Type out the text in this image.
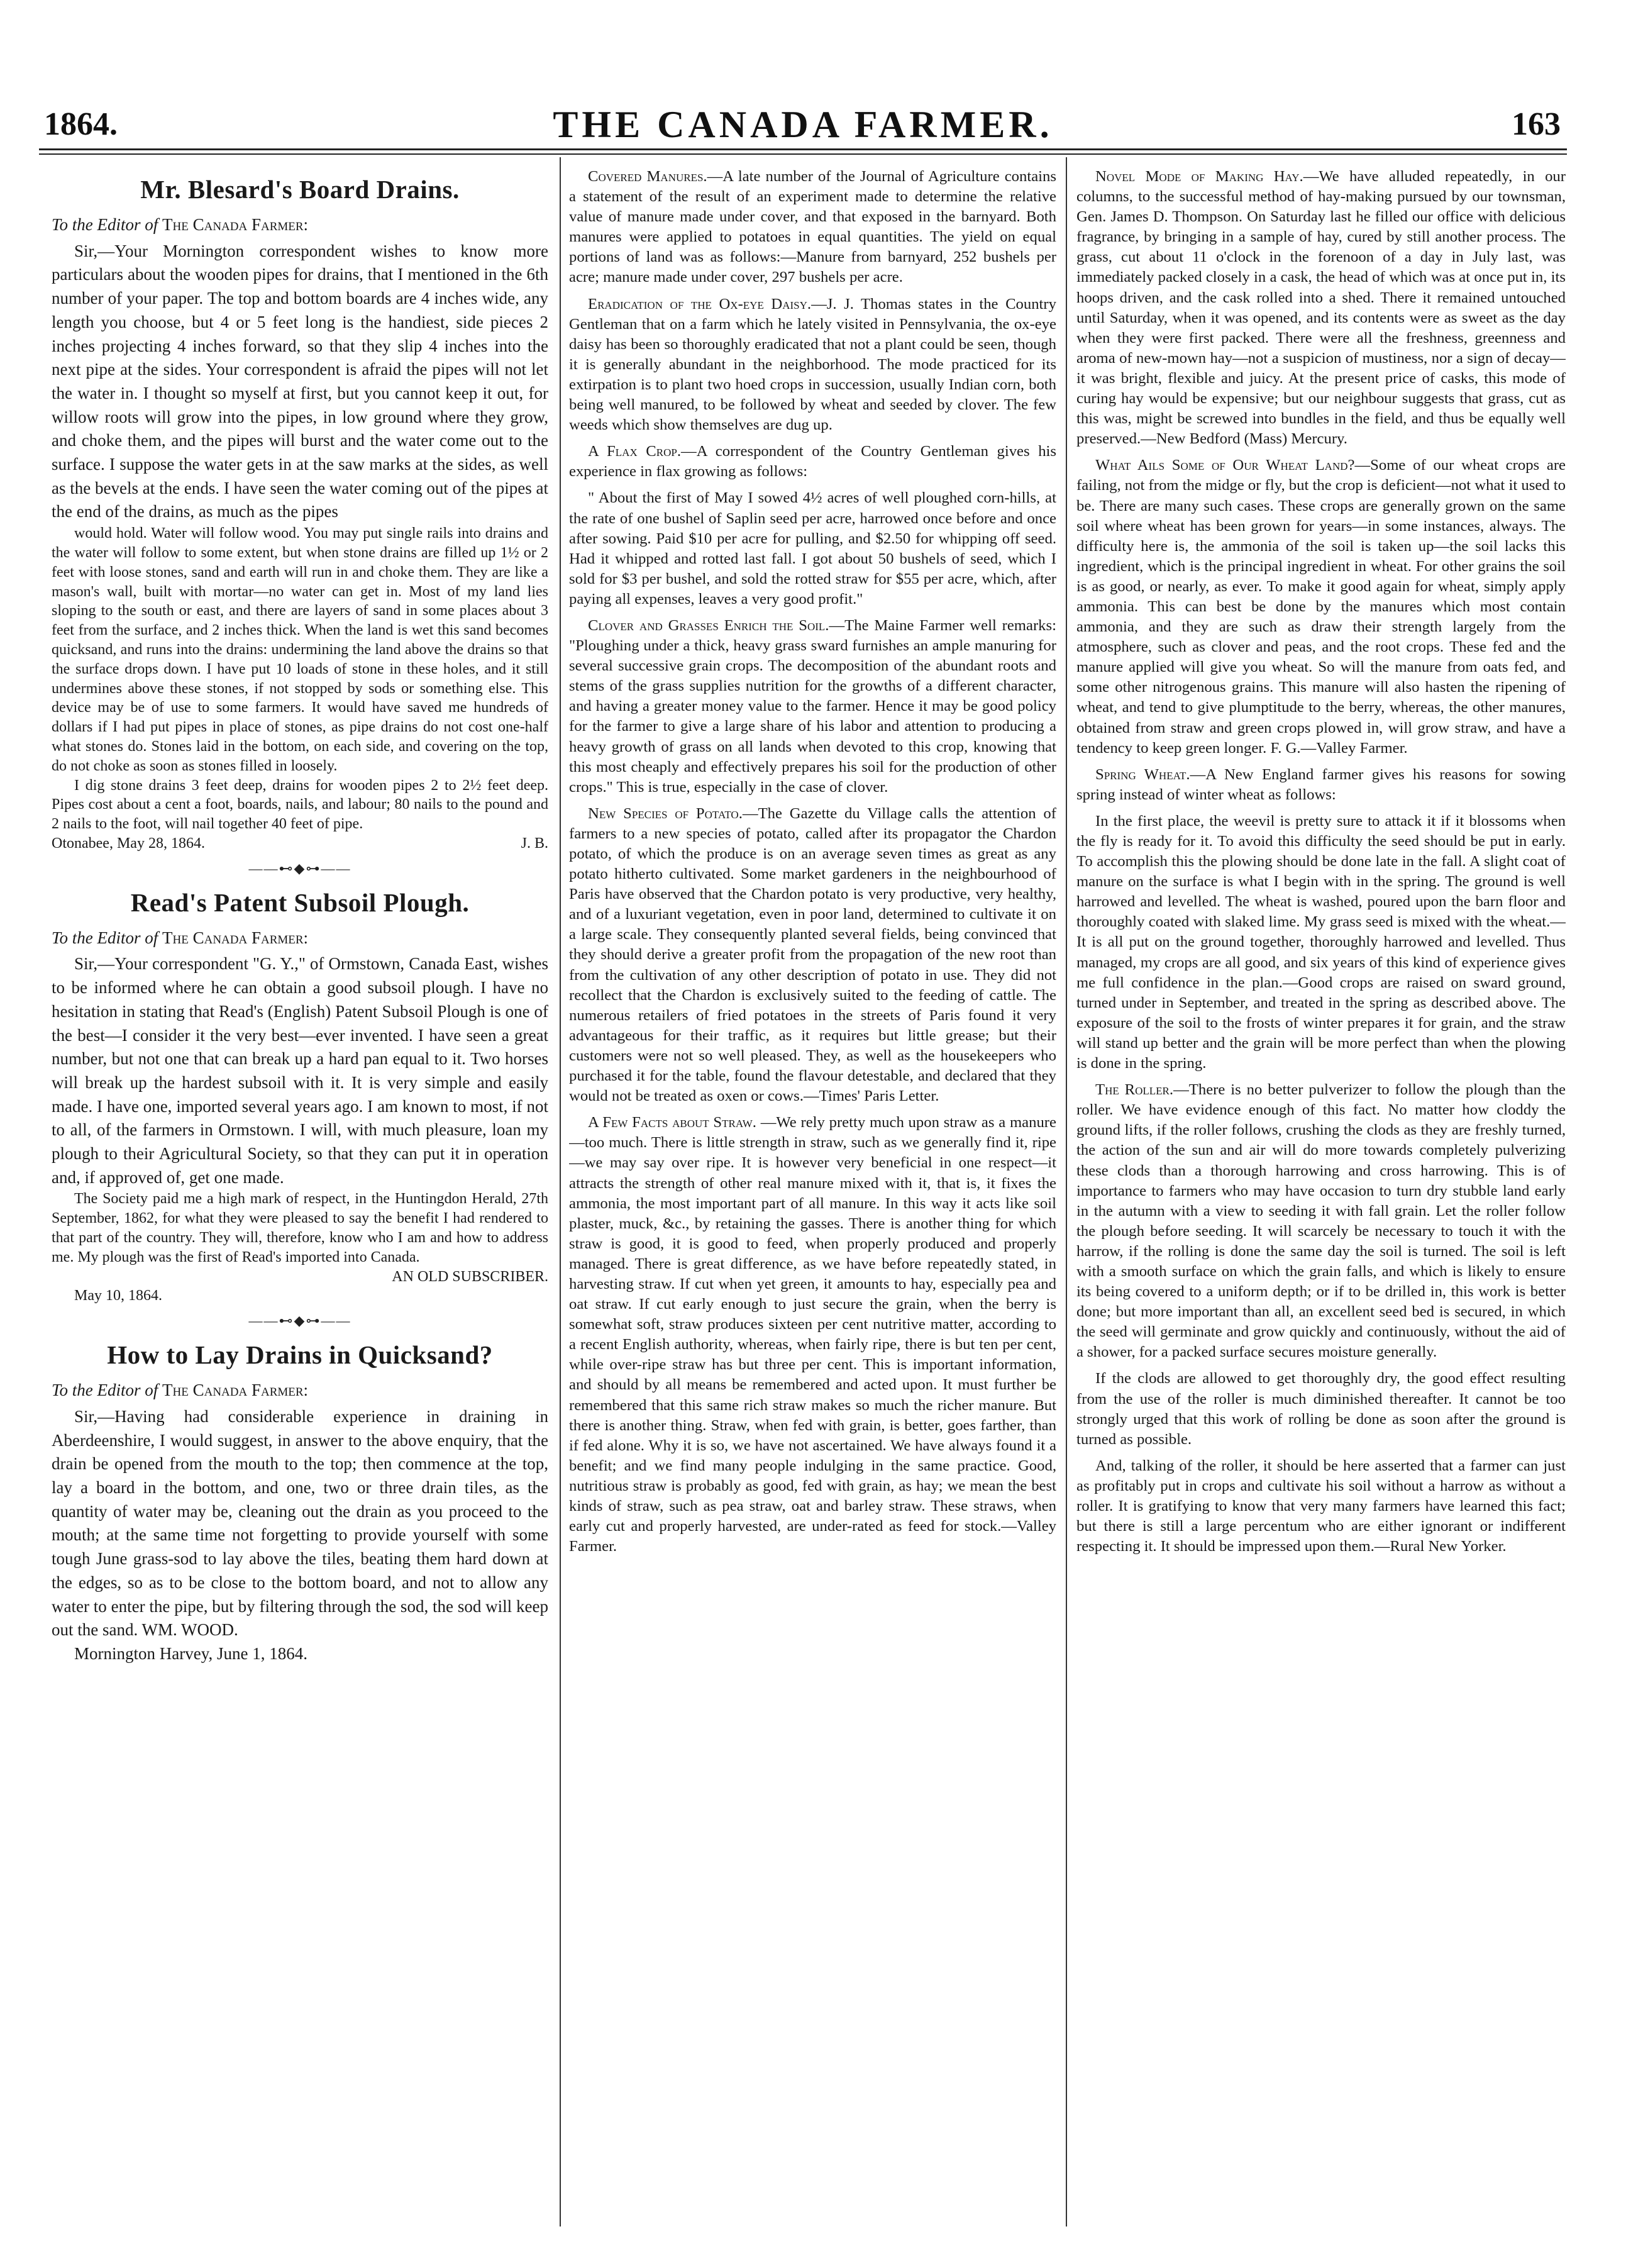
1864.	THE CANADA FARMER.	163
Mr. Blesard's Board Drains.
To the Editor of The Canada Farmer:
Sir,—Your Mornington correspondent wishes to know more particulars about the wooden pipes for drains, that I mentioned in the 6th number of your paper. The top and bottom boards are 4 inches wide, any length you choose, but 4 or 5 feet long is the handiest, side pieces 2 inches projecting 4 inches forward, so that they slip 4 inches into the next pipe at the sides. Your correspondent is afraid the pipes will not let the water in. I thought so myself at first, but you cannot keep it out, for willow roots will grow into the pipes, in low ground where they grow, and choke them, and the pipes will burst and the water come out to the surface. I suppose the water gets in at the saw marks at the sides, as well as the bevels at the ends. I have seen the water coming out of the pipes at the end of the drains, as much as the pipes
would hold. Water will follow wood. You may put single rails into drains and the water will follow to some extent, but when stone drains are filled up 1½ or 2 feet with loose stones, sand and earth will run in and choke them. They are like a mason's wall, built with mortar—no water can get in. Most of my land lies sloping to the south or east, and there are layers of sand in some places about 3 feet from the surface, and 2 inches thick. When the land is wet this sand becomes quicksand, and runs into the drains: undermining the land above the drains so that the surface drops down. I have put 10 loads of stone in these holes, and it still undermines above these stones, if not stopped by sods or something else. This device may be of use to some farmers. It would have saved me hundreds of dollars if I had put pipes in place of stones, as pipe drains do not cost one-half what stones do. Stones laid in the bottom, on each side, and covering on the top, do not choke as soon as stones filled in loosely.
I dig stone drains 3 feet deep, drains for wooden pipes 2 to 2½ feet deep. Pipes cost about a cent a foot, boards, nails, and labour; 80 nails to the pound and 2 nails to the foot, will nail together 40 feet of pipe.
Otonabee, May 28, 1864.	J. B.
——⊷◆⊶——
Read's Patent Subsoil Plough.
To the Editor of The Canada Farmer:
Sir,—Your correspondent "G. Y.," of Ormstown, Canada East, wishes to be informed where he can obtain a good subsoil plough. I have no hesitation in stating that Read's (English) Patent Subsoil Plough is one of the best—I consider it the very best—ever invented. I have seen a great number, but not one that can break up a hard pan equal to it. Two horses will break up the hardest subsoil with it. It is very simple and easily made. I have one, imported several years ago. I am known to most, if not to all, of the farmers in Ormstown. I will, with much pleasure, loan my plough to their Agricultural Society, so that they can put it in operation and, if approved of, get one made.
The Society paid me a high mark of respect, in the Huntingdon Herald, 27th September, 1862, for what they were pleased to say the benefit I had rendered to that part of the country. They will, therefore, know who I am and how to address me. My plough was the first of Read's imported into Canada.
AN OLD SUBSCRIBER.
May 10, 1864.
——⊷◆⊶——
How to Lay Drains in Quicksand?
To the Editor of The Canada Farmer:
Sir,—Having had considerable experience in draining in Aberdeenshire, I would suggest, in answer to the above enquiry, that the drain be opened from the mouth to the top; then commence at the top, lay a board in the bottom, and one, two or three drain tiles, as the quantity of water may be, cleaning out the drain as you proceed to the mouth; at the same time not forgetting to provide yourself with some tough June grass-sod to lay above the tiles, beating them hard down at the edges, so as to be close to the bottom board, and not to allow any water to enter the pipe, but by filtering through the sod, the sod will keep out the sand. WM. WOOD.
Mornington Harvey, June 1, 1864.
Covered Manures.—A late number of the Journal of Agriculture contains a statement of the result of an experiment made to determine the relative value of manure made under cover, and that exposed in the barnyard. Both manures were applied to potatoes in equal quantities. The yield on equal portions of land was as follows:—Manure from barnyard, 252 bushels per acre; manure made under cover, 297 bushels per acre.
Eradication of the Ox-eye Daisy.—J. J. Thomas states in the Country Gentleman that on a farm which he lately visited in Pennsylvania, the ox-eye daisy has been so thoroughly eradicated that not a plant could be seen, though it is generally abundant in the neighborhood. The mode practiced for its extirpation is to plant two hoed crops in succession, usually Indian corn, both being well manured, to be followed by wheat and seeded by clover. The few weeds which show themselves are dug up.
A Flax Crop.—A correspondent of the Country Gentleman gives his experience in flax growing as follows:
" About the first of May I sowed 4½ acres of well ploughed corn-hills, at the rate of one bushel of Saplin seed per acre, harrowed once before and once after sowing. Paid $10 per acre for pulling, and $2.50 for whipping off seed. Had it whipped and rotted last fall. I got about 50 bushels of seed, which I sold for $3 per bushel, and sold the rotted straw for $55 per acre, which, after paying all expenses, leaves a very good profit."
Clover and Grasses Enrich the Soil.—The Maine Farmer well remarks: "Ploughing under a thick, heavy grass sward furnishes an ample manuring for several successive grain crops. The decomposition of the abundant roots and stems of the grass supplies nutrition for the growths of a different character, and having a greater money value to the farmer. Hence it may be good policy for the farmer to give a large share of his labor and attention to producing a heavy growth of grass on all lands when devoted to this crop, knowing that this most cheaply and effectively prepares his soil for the production of other crops." This is true, especially in the case of clover.
New Species of Potato.—The Gazette du Village calls the attention of farmers to a new species of potato, called after its propagator the Chardon potato, of which the produce is on an average seven times as great as any potato hitherto cultivated. Some market gardeners in the neighbourhood of Paris have observed that the Chardon potato is very productive, very healthy, and of a luxuriant vegetation, even in poor land, determined to cultivate it on a large scale. They consequently planted several fields, being convinced that they should derive a greater profit from the propagation of the new root than from the cultivation of any other description of potato in use. They did not recollect that the Chardon is exclusively suited to the feeding of cattle. The numerous retailers of fried potatoes in the streets of Paris found it very advantageous for their traffic, as it requires but little grease; but their customers were not so well pleased. They, as well as the housekeepers who purchased it for the table, found the flavour detestable, and declared that they would not be treated as oxen or cows.—Times' Paris Letter.
A Few Facts about Straw. —We rely pretty much upon straw as a manure—too much. There is little strength in straw, such as we generally find it, ripe—we may say over ripe. It is however very beneficial in one respect—it attracts the strength of other real manure mixed with it, that is, it fixes the ammonia, the most important part of all manure. In this way it acts like soil plaster, muck, &c., by retaining the gasses. There is another thing for which straw is good, it is good to feed, when properly produced and properly managed. There is great difference, as we have before repeatedly stated, in harvesting straw. If cut when yet green, it amounts to hay, especially pea and oat straw. If cut early enough to just secure the grain, when the berry is somewhat soft, straw produces sixteen per cent nutritive matter, according to a recent English authority, whereas, when fairly ripe, there is but ten per cent, while over-ripe straw has but three per cent. This is important information, and should by all means be remembered and acted upon. It must further be remembered that this same rich straw makes so much the richer manure. But there is another thing. Straw, when fed with grain, is better, goes farther, than if fed alone. Why it is so, we have not ascertained. We have always found it a benefit; and we find many people indulging in the same practice. Good, nutritious straw is probably as good, fed with grain, as hay; we mean the best kinds of straw, such as pea straw, oat and barley straw. These straws, when early cut and properly harvested, are under-rated as feed for stock.—Valley Farmer.
Novel Mode of Making Hay.—We have alluded repeatedly, in our columns, to the successful method of hay-making pursued by our townsman, Gen. James D. Thompson. On Saturday last he filled our office with delicious fragrance, by bringing in a sample of hay, cured by still another process. The grass, cut about 11 o'clock in the forenoon of a day in July last, was immediately packed closely in a cask, the head of which was at once put in, its hoops driven, and the cask rolled into a shed. There it remained untouched until Saturday, when it was opened, and its contents were as sweet as the day when they were first packed. There were all the freshness, greenness and aroma of new-mown hay—not a suspicion of mustiness, nor a sign of decay—it was bright, flexible and juicy. At the present price of casks, this mode of curing hay would be expensive; but our neighbour suggests that grass, cut as this was, might be screwed into bundles in the field, and thus be equally well preserved.—New Bedford (Mass) Mercury.
What Ails Some of Our Wheat Land?—Some of our wheat crops are failing, not from the midge or fly, but the crop is deficient—not what it used to be. There are many such cases. These crops are generally grown on the same soil where wheat has been grown for years—in some instances, always. The difficulty here is, the ammonia of the soil is taken up—the soil lacks this ingredient, which is the principal ingredient in wheat. For other grains the soil is as good, or nearly, as ever. To make it good again for wheat, simply apply ammonia. This can best be done by the manures which most contain ammonia, and they are such as draw their strength largely from the atmosphere, such as clover and peas, and the root crops. These fed and the manure applied will give you wheat. So will the manure from oats fed, and some other nitrogenous grains. This manure will also hasten the ripening of wheat, and tend to give plumptitude to the berry, whereas, the other manures, obtained from straw and green crops plowed in, will grow straw, and have a tendency to keep green longer. F. G.—Valley Farmer.
Spring Wheat.—A New England farmer gives his reasons for sowing spring instead of winter wheat as follows:
In the first place, the weevil is pretty sure to attack it if it blossoms when the fly is ready for it. To avoid this difficulty the seed should be put in early. To accomplish this the plowing should be done late in the fall. A slight coat of manure on the surface is what I begin with in the spring. The ground is well harrowed and levelled. The wheat is washed, poured upon the barn floor and thoroughly coated with slaked lime. My grass seed is mixed with the wheat.—It is all put on the ground together, thoroughly harrowed and levelled. Thus managed, my crops are all good, and six years of this kind of experience gives me full confidence in the plan.—Good crops are raised on sward ground, turned under in September, and treated in the spring as described above. The exposure of the soil to the frosts of winter prepares it for grain, and the straw will stand up better and the grain will be more perfect than when the plowing is done in the spring.
The Roller.—There is no better pulverizer to follow the plough than the roller. We have evidence enough of this fact. No matter how cloddy the ground lifts, if the roller follows, crushing the clods as they are freshly turned, the action of the sun and air will do more towards completely pulverizing these clods than a thorough harrowing and cross harrowing. This is of importance to farmers who may have occasion to turn dry stubble land early in the autumn with a view to seeding it with fall grain. Let the roller follow the plough before seeding. It will scarcely be necessary to touch it with the harrow, if the rolling is done the same day the soil is turned. The soil is left with a smooth surface on which the grain falls, and which is likely to ensure its being covered to a uniform depth; or if to be drilled in, this work is better done; but more important than all, an excellent seed bed is secured, in which the seed will germinate and grow quickly and continuously, without the aid of a shower, for a packed surface secures moisture generally.
If the clods are allowed to get thoroughly dry, the good effect resulting from the use of the roller is much diminished thereafter. It cannot be too strongly urged that this work of rolling be done as soon after the ground is turned as possible.
And, talking of the roller, it should be here asserted that a farmer can just as profitably put in crops and cultivate his soil without a harrow as without a roller. It is gratifying to know that very many farmers have learned this fact; but there is still a large percentum who are either ignorant or indifferent respecting it. It should be impressed upon them.—Rural New Yorker.
